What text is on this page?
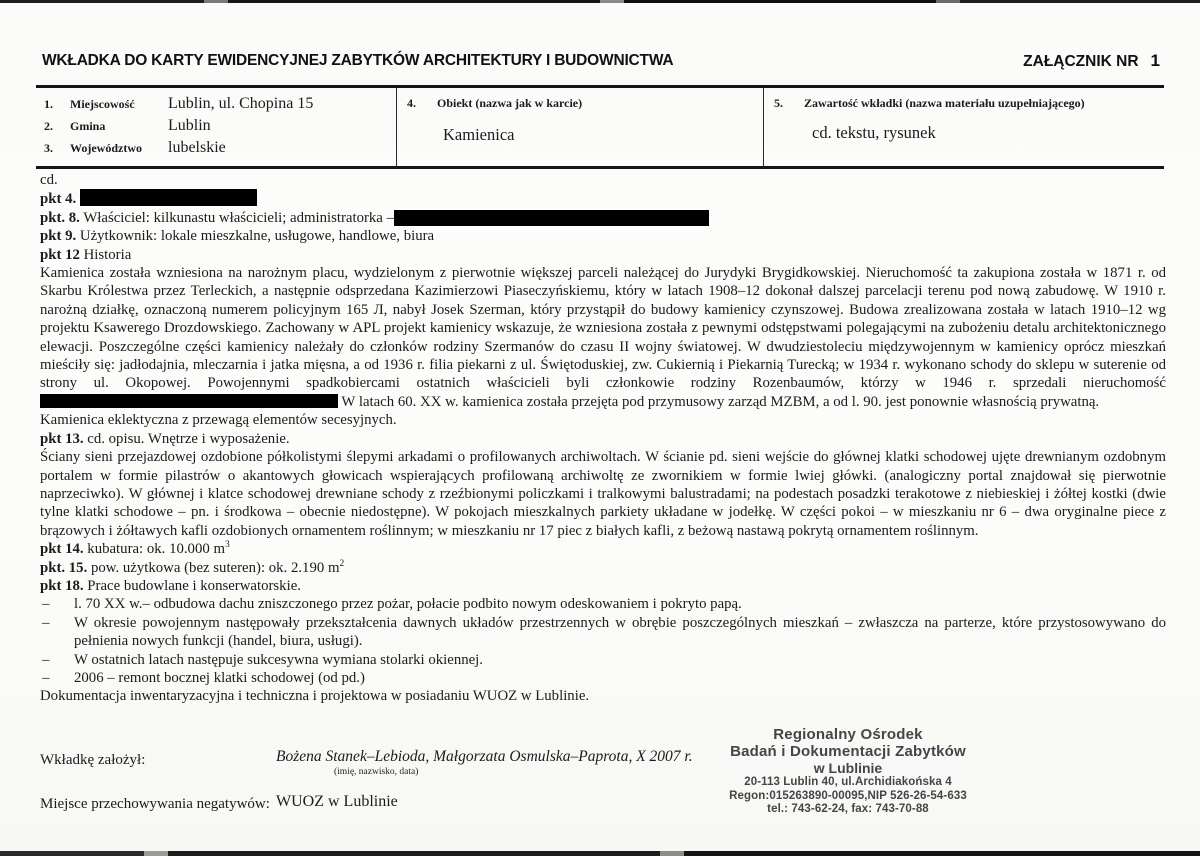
WKŁADKA DO KARTY EWIDENCYJNEJ ZABYTKÓW ARCHITEKTURY I BUDOWNICTWA	ZAŁĄCZNIK NR 1
1.	Miejscowość	Lublin, ul. Chopina 15
2.	Gmina	Lublin
3.	Województwo	lubelskie
4.	Obiekt (nazwa jak w karcie)
Kamienica
5.	Zawartość wkładki (nazwa materiału uzupełniającego)
cd. tekstu, rysunek

cd.

pkt 4.

pkt. 8. Właściciel: kilkunastu właścicieli; administratorka –

pkt 9. Użytkownik: lokale mieszkalne, usługowe, handlowe, biura

pkt 12 Historia

Kamienica została wzniesiona na narożnym placu, wydzielonym z pierwotnie większej parceli należącej do Jurydyki Brygidkowskiej. Nieruchomość ta zakupiona została w 1871 r. od Skarbu Królestwa przez Terleckich, a następnie odsprzedana Kazimierzowi Piaseczyńskiemu, który w latach 1908–12 dokonał dalszej parcelacji terenu pod nową zabudowę. W 1910 r. narożną działkę, oznaczoną numerem policyjnym 165 Л, nabył Josek Szerman, który przystąpił do budowy kamienicy czynszowej. Budowa zrealizowana została w latach 1910–12 wg projektu Ksawerego Drozdowskiego. Zachowany w APL projekt kamienicy wskazuje, że wzniesiona została z pewnymi odstępstwami polegającymi na zubożeniu detalu architektonicznego elewacji. Poszczególne części kamienicy należały do członków rodziny Szermanów do czasu II wojny światowej. W dwudziestoleciu międzywojennym w kamienicy oprócz mieszkań mieściły się: jadłodajnia, mleczarnia i jatka mięsna, a od 1936 r. filia piekarni z ul. Świętoduskiej, zw. Cukiernią i Piekarnią Turecką; w 1934 r. wykonano schody do sklepu w suterenie od strony ul. Okopowej. Powojennymi spadkobiercami ostatnich właścicieli byli członkowie rodziny Rozenbaumów, którzy w 1946 r. sprzedali nieruchomość W latach 60. XX w. kamienica została przejęta pod przymusowy zarząd MZBM, a od l. 90. jest ponownie własnością prywatną.

Kamienica eklektyczna z przewagą elementów secesyjnych.

pkt 13. cd. opisu. Wnętrze i wyposażenie.

Ściany sieni przejazdowej ozdobione półkolistymi ślepymi arkadami o profilowanych archiwoltach. W ścianie pd. sieni wejście do głównej klatki schodowej ujęte drewnianym ozdobnym portalem w formie pilastrów o akantowych głowicach wspierających profilowaną archiwoltę ze zwornikiem w formie lwiej główki. (analogiczny portal znajdował się pierwotnie naprzeciwko). W głównej i klatce schodowej drewniane schody z rzeźbionymi policzkami i tralkowymi balustradami; na podestach posadzki terakotowe z niebieskiej i żółtej kostki (dwie tylne klatki schodowe – pn. i środkowa – obecnie niedostępne). W pokojach mieszkalnych parkiety układane w jodełkę. W części pokoi – w mieszkaniu nr 6 – dwa oryginalne piece z brązowych i żółtawych kafli ozdobionych ornamentem roślinnym; w mieszkaniu nr 17 piec z białych kafli, z beżową nastawą pokrytą ornamentem roślinnym.

pkt 14. kubatura: ok. 10.000 $m^3$

pkt. 15. pow. użytkowa (bez suteren): ok. 2.190 $m^2$

pkt 18. Prace budowlane i konserwatorskie.

–	l. 70 XX w.– odbudowa dachu zniszczonego przez pożar, połacie podbito nowym odeskowaniem i pokryto papą.

–	W okresie powojennym następowały przekształcenia dawnych układów przestrzennych w obrębie poszczególnych mieszkań – zwłaszcza na parterze, które przystosowywano do pełnienia nowych funkcji (handel, biura, usługi).

–	W ostatnich latach następuje sukcesywna wymiana stolarki okiennej.

–	2006 – remont bocznej klatki schodowej (od pd.)

Dokumentacja inwentaryzacyjna i techniczna i projektowa w posiadaniu WUOZ w Lublinie.

Wkładkę założył:	Bożena Stanek–Lebioda, Małgorzata Osmulska–Paprota, X 2007 r.
(imię, nazwisko, data)
Miejsce przechowywania negatywów: WUOZ w Lublinie
Regionalny Ośrodek
Badań i Dokumentacji Zabytków
w Lublinie
20-113 Lublin 40, ul.Archidiakońska 4
Regon:015263890-00095,NIP 526-26-54-633
tel.: 743-62-24, fax: 743-70-88
